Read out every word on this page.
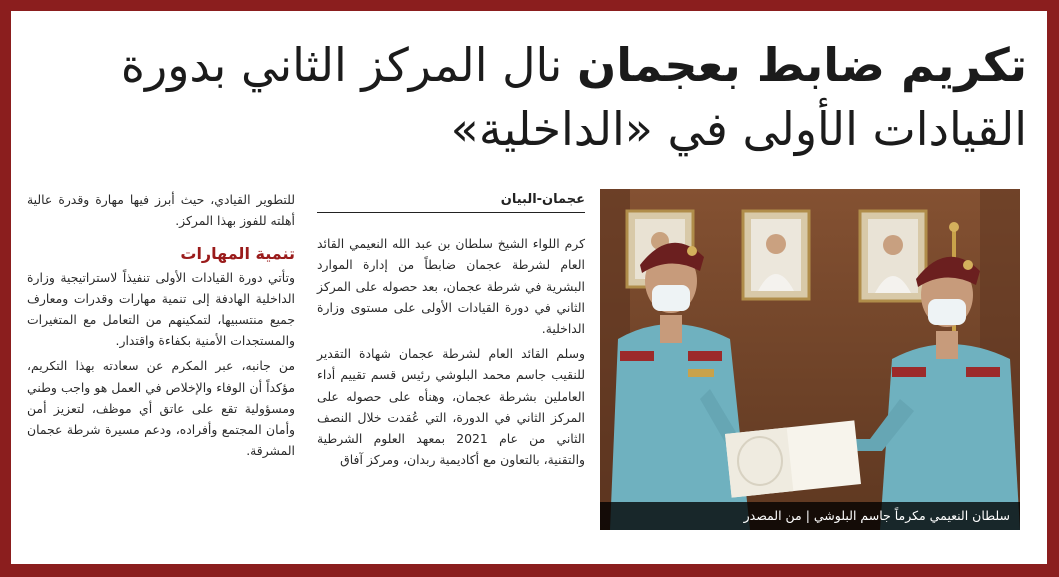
تكريم ضابط بعجمان نال المركز الثاني بدورة
القيادات الأولى في «الداخلية»
عجمان-البيان

كرم اللواء الشيخ سلطان بن عبد الله النعيمي القائد العام لشرطة عجمان ضابطاً من إدارة الموارد البشرية في شرطة عجمان، بعد حصوله على المركز الثاني في دورة القيادات الأولى على مستوى وزارة الداخلية.

وسلم القائد العام لشرطة عجمان شهادة التقدير للنقيب جاسم محمد البلوشي رئيس قسم تقييم أداء العاملين بشرطة عجمان، وهنأه على حصوله على المركز الثاني في الدورة، التي عُقدت خلال النصف الثاني من عام 2021 بمعهد العلوم الشرطية والتقنية، بالتعاون مع أكاديمية ربدان، ومركز آفاق

للتطوير القيادي، حيث أبرز فيها مهارة وقدرة عالية أهلته للفوز بهذا المركز.

تنمية المهارات

وتأتي دورة القيادات الأولى تنفيذاً لاستراتيجية وزارة الداخلية الهادفة إلى تنمية مهارات وقدرات ومعارف جميع منتسبيها، لتمكينهم من التعامل مع المتغيرات والمستجدات الأمنية بكفاءة واقتدار.

من جانبه، عبر المكرم عن سعادته بهذا التكريم، مؤكداً أن الوفاء والإخلاص في العمل هو واجب وطني ومسؤولية تقع على عاتق أي موظف، لتعزيز أمن وأمان المجتمع وأفراده، ودعم مسيرة شرطة عجمان المشرقة.

سلطان النعيمي مكرماً جاسم البلوشي | من المصدر
